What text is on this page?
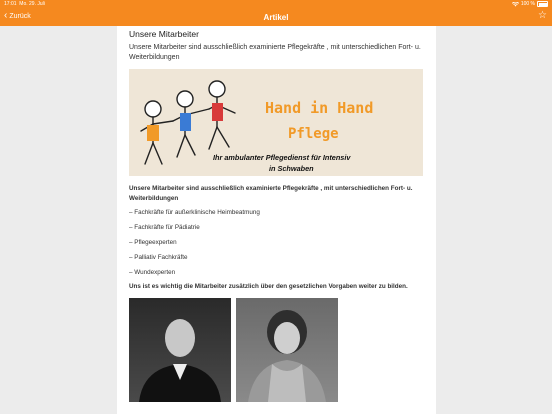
17:01 Mo. 29. Juli	100 %
‹ Zurück	Artikel	☆
Unsere Mitarbeiter

Unsere Mitarbeiter sind ausschließlich examinierte Pflegekräfte , mit unterschiedlichen Fort- u. Weiterbildungen

Hand in Hand
Pflege
Ihr ambulanter Pflegedienst für Intensiv
in Schwaben

Unsere Mitarbeiter sind ausschließlich examinierte Pflegekräfte , mit unterschiedlichen Fort- u. Weiterbildungen

– Fachkräfte für außerklinische Heimbeatmung
– Fachkräfte für Pädiatrie
– Pflegeexperten
– Palliativ Fachkräfte
– Wundexperten

Uns ist es wichtig die Mitarbeiter zusätzlich über den gesetzlichen Vorgaben weiter zu bilden.
